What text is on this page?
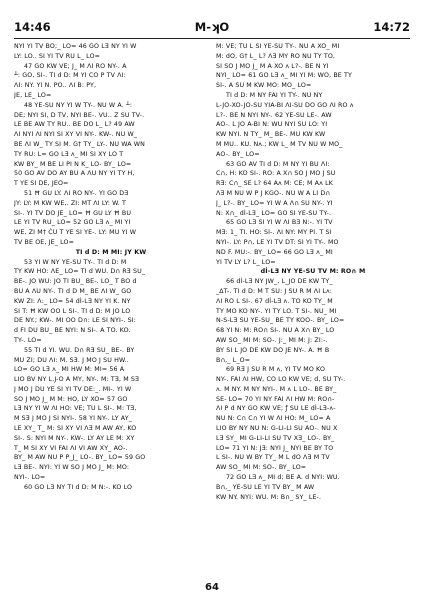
14:46	M-ʞO	14:72
NYI YI TV BO;_ LO= 46 GO LƎ NY YI W
LY: LO.. SI YI TV RU L_ LO=
47 GO KW VE; J_ M ɅI RO NY-. A
┴: GO, SI-. TI d D: M YI CO P TV ɅI:
ɅI: NY. YI N. PO.. ɅI B: PY,
JE, LE_ LO=
48 YE-SU NY YI W TY-. NU W A. ┴:
DE; NYI SI, D TV, NYI BE-. VU.. Z SU TV-.
LE BE AW TY RU.. BE DO L_ L? 49 AW
ɅI NYI ɅI NYI SI XY VI NY-. KW-. NU W_
BE ɅI W_ TY SI M. G† TY_ LY-. NU WA WN
TY RU: L= GO LƎ ʌ_ MI SI XY LO T
KW BY_ M BE LI PI N K_ LO- BY_ LO=
50 GO AV DO AY BU A ɅU NY YI TY H,
T YE SI DE, JEO=
51 Ħ GU LY. ɅI RO NY-. YI GO DƎ
JY: LY: M KW WE,. ZI: MT ɅI LY: W. T
SI-. YI TV DO JE_ LO= Ħ GU LY Ħ BU
LE YI TV RU_ LO= 52 GO LƎ ʌ_ MI YI
WE, ZI M† ĊU T YE SI YE-. LY: MU YI W
TV BE OE, JE_ LO=
TI d D: M MI: JY KW
53 YI W NY YE-SU TY-. TI d D: M
TY KW HO: ɅE_ LO= TI d WU. D∩ RƎ SU_
BE-. JO WU: JO TI BU_ BE-. LO_ T BO d
BU A ɅU NY-. TI d D M_ BE ɅI W_ GO
KW ZI: Ʌ:_ LO= 54 dİ-LƎ NY YI K. NY
SI T: Ħ KW OO L SI-. TI d D: M JO LO
DE NY.; KW-. MI OO D∩: LE SI NYI-. SI:
d FI DU BU_ BE NYI: N SI-. A TO. KO.
TY-. LO=
55 TI d YI. WU. D∩ RƎ SU_ BE-. BY
MU ZI; DU ɅI: M. SƎ. J MO J SU HW..
LO= GO LƎ ʌ_ MI HW M: MI= 56 A
LIO BV NY L.J-O A MY, NY-. M: TƎ, M SƎ
J MO J DU YE SI YI TV DE:_. MI-. YI W
SO J MO J_ M M: HO, LY XO= 57 GO
LƎ NY YI W ɅI HO: VE; TU L SI-. M: TƎ,
M SƎ J MO J SI NYI-. 58 YI NY-. LY AY_
LE XY_ T_ M: SI XY VI ɅƎ M AW AY, KO
SI-. S: NYI M NY-. KW-. LY AY LE M: XY
T_ M SI XY VI FAI ɅI VI AW XY_ AO-.
BY_ M AW NU P P_J_ LO-. BY_ LO= 59 GO
LƎ BE-. NYI: YI W SO J MO J_ M: MO:
NYI-. LO=
60 GO LƎ NY TI d D: M N:-. KO LO
M: VE; TU L SI YE-SU TY-. NU A XO_ MI
M: dO, G† L_ L? ɅƎ MY RO NU TY TO,
SI SO J MO J_ M A XO ʌ L?-. BE N YI
NYI_ LO= 61 GO LƎ ʌ_ MI YI M: WO, BE TY
SI-. A SU M KW MO: MO_ LO=
TI d D: M NY FAI YI TY-. NU NY
L-JO-XO-JO-SU YIA-BI ɅI-SU DO GO ɅI RO ʌ
L?-. BE N NYI NY-. 62 YE-SU LE-. AW
AO-. L JO A-BI N: WU NYI SU LO: YI
KW NYI. N TY_ M_ BE-. MU KW KW
M MU.. KU. Nʌ.; KW L_ M TV NU W MO_
AO-. BY_ LO=
63 GO AV TI d D: M NY YI BU ɅI:
C∩, H: KO SI-. RO: A X∩ SO J MO J SU
RƎ: C∩_ SE L? 64 Aʌ M: CE; M Aʌ LK
ɅƎ M NU W P J KGO-. NU W A LI D∩
J_ L?-. BY_ LO= YI W A Ʌ∩ SU NY-. YI
N: X∩_ dİ-LƎ_ LO= GO SI YE-SU TY-.
65 GO LƎ SI YI W ɅI BƎ N:-. YI TV
MƎ: 1_ TI. HO: SI-. ɅI NY: MY PI. T SI
NYI-. LY: P∩, LE YI TV DT: SI YI TY-. MO
ND F. MU:-. BY_ LO= 66 GO LƎ ʌ_ MI
YI TV LY L? L_ LO=
dİ-LƎ NY YE-SU TV M: RO∩ M
66 dİ-LƎ NY JW_, L_JO DE KW TY_
_∆T-. TI d D: M T SU: J SU R M ɅI Lʌ:
ɅI RO L SI-. 67 dİ-LƎ ʌ. TO KO TY_ M
TY MO KO NY-. YI TY LO. T SI-. NU_ MI
N-S-LƎ SU YE-SU_ BE TY KOO-. BY_ LO=
68 YI N: M: RO∩ SI-. NU A X∩ BY_ LO
AW SO_ MI M: SO-. J:_ MI M: J: ZI:-.
BY SI L JO DE KW DO JE NY-. A. Ħ B
B∩,_ L_O=
69 RƎ J SU R M ʌ, YI TV MO KO
NY-. FAI ɅI HW, CO LO KW VE; d, SU TY-.
ʌ. M NY. M NY NYI-. M ʌ L LO-. BE BY_
SE- LO= 70 YI NY FAI ɅI HW M: RO∩-
ɅI P d NY GO KW VE; ƒ SU LE dİ-LƎ-ʌ-
NU N: C∩ C∩ YI W ɅI HO: M_ LO= A
LIO BY NY NU N: G-LI-LI SU AO-. NU X
LƎ SY_ MI G-LI-LI SU TV XƎ_ LO-. BY_
LO= 71 YI N: JƎ: NYI J_ NYI BE BY TO
L SI-. NU W BY TY_ M L dO ɅƎ M TV
AW SO_ MI M: SO-. BY_ LO=
72 GO LƎ ʌ_ MI d; BE A. d NYI: WU.
B∩,_ YE-SU LE YI TV BY_ M AW
KW NY. NYI: WU. M: B∩_ SY_ LE-.
64
